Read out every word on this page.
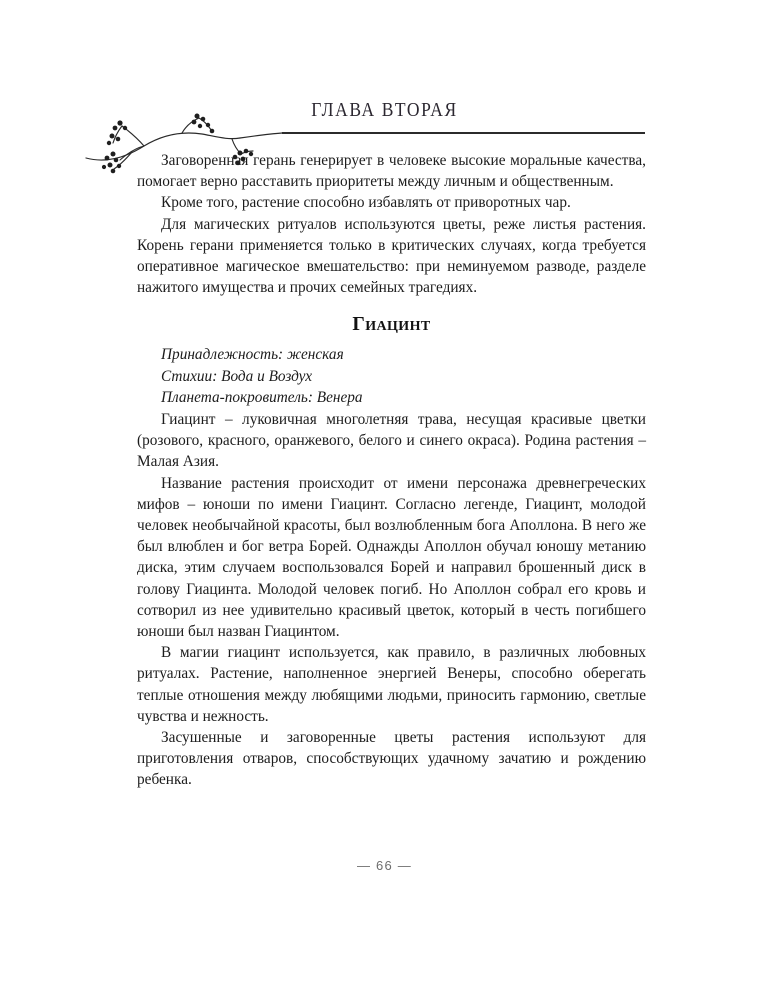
ГЛАВА ВТОРАЯ

Заговоренная герань генерирует в человеке высокие моральные качества, помогает верно расставить приоритеты между личным и общественным.

Кроме того, растение способно избавлять от приворотных чар.

Для магических ритуалов используются цветы, реже листья растения. Корень герани применяется только в критических случаях, когда требуется оперативное магическое вмешательство: при неминуемом разводе, разделе нажитого имущества и прочих семейных трагедиях.

Гиацинт
Принадлежность: женская
Стихии: Вода и Воздух
Планета-покровитель: Венера

Гиацинт – луковичная многолетняя трава, несущая красивые цветки (розового, красного, оранжевого, белого и синего окраса). Родина растения – Малая Азия.

Название растения происходит от имени персонажа древнегреческих мифов – юноши по имени Гиацинт. Согласно легенде, Гиацинт, молодой человек необычайной красоты, был возлюбленным бога Аполлона. В него же был влюблен и бог ветра Борей. Однажды Аполлон обучал юношу метанию диска, этим случаем воспользовался Борей и направил брошенный диск в голову Гиацинта. Молодой человек погиб. Но Аполлон собрал его кровь и сотворил из нее удивительно красивый цветок, который в честь погибшего юноши был назван Гиацинтом.

В магии гиацинт используется, как правило, в различных любовных ритуалах. Растение, наполненное энергией Венеры, способно оберегать теплые отношения между любящими людьми, приносить гармонию, светлые чувства и нежность.

Засушенные и заговоренные цветы растения используют для приготовления отваров, способствующих удачному зачатию и рождению ребенка.

— 66 —
